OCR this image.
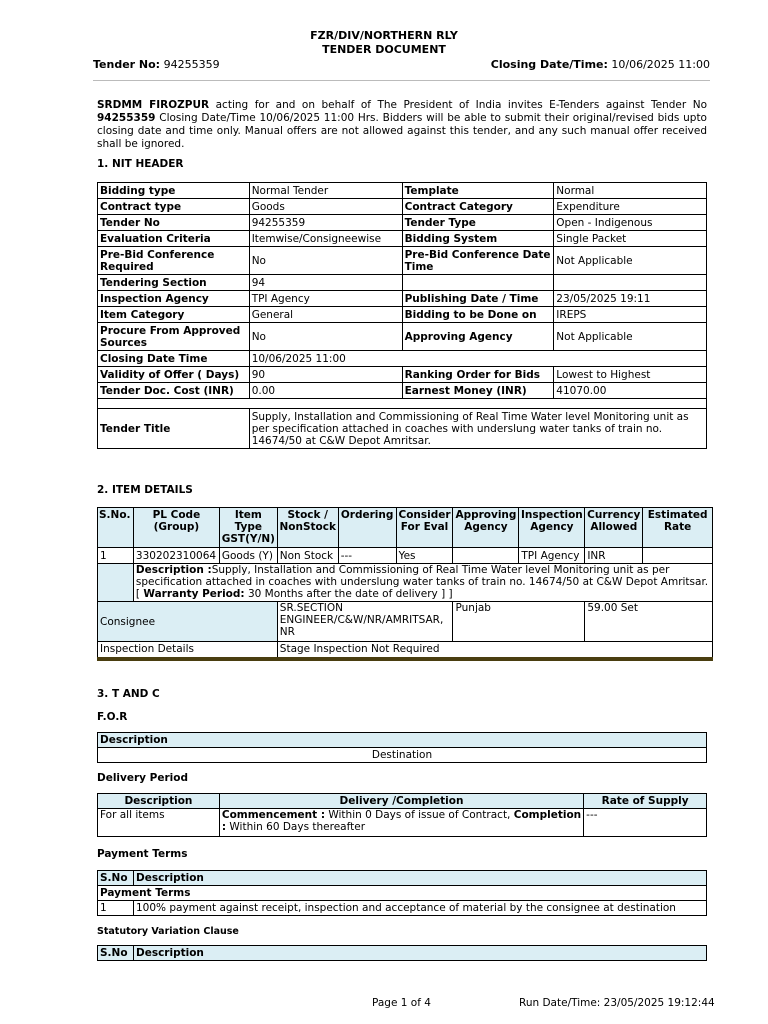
FZR/DIV/NORTHERN RLY
TENDER DOCUMENT
Tender No: 94255359	Closing Date/Time: 10/06/2025 11:00
SRDMM FIROZPUR acting for and on behalf of The President of India invites E-Tenders against Tender No 94255359 Closing Date/Time 10/06/2025 11:00 Hrs. Bidders will be able to submit their original/revised bids upto closing date and time only. Manual offers are not allowed against this tender, and any such manual offer received shall be ignored.
1. NIT HEADER
Bidding type	Normal Tender	Template	Normal
Contract type	Goods	Contract Category	Expenditure
Tender No	94255359	Tender Type	Open - Indigenous
Evaluation Criteria	Itemwise/Consigneewise	Bidding System	Single Packet
Pre-Bid Conference Required	No	Pre-Bid Conference Date Time	Not Applicable
Tendering Section	94		
Inspection Agency	TPI Agency	Publishing Date / Time	23/05/2025 19:11
Item Category	General	Bidding to be Done on	IREPS
Procure From Approved Sources	No	Approving Agency	Not Applicable
Closing Date Time	10/06/2025 11:00		
Validity of Offer ( Days)	90	Ranking Order for Bids	Lowest to Highest
Tender Doc. Cost (INR)	0.00	Earnest Money (INR)	41070.00

Tender Title	Supply, Installation and Commissioning of Real Time Water level Monitoring unit as per specification attached in coaches with underslung water tanks of train no. 14674/50 at C&W Depot Amritsar.		
2. ITEM DETAILS
S.No.	PL Code (Group)	Item Type GST(Y/N)	Stock / NonStock	Ordering	Consider For Eval	Approving Agency	Inspection Agency	Currency Allowed	Estimated Rate
1	330202310064	Goods (Y)	Non Stock	---	Yes		TPI Agency	INR	
	Description :Supply, Installation and Commissioning of Real Time Water level Monitoring unit as per specification attached in coaches with underslung water tanks of train no. 14674/50 at C&W Depot Amritsar. [ Warranty Period: 30 Months after the date of delivery ] ]								
Consignee			SR.SECTION ENGINEER/C&W/NR/AMRITSAR, NR			Punjab		59.00 Set	
Inspection Details			Stage Inspection Not Required						
3. T AND C
F.O.R
Description
Destination
Delivery Period
Description	Delivery /Completion	Rate of Supply
For all items	Commencement : Within 0 Days of issue of Contract, Completion : Within 60 Days thereafter	---
Payment Terms
S.No	Description
Payment Terms	
1	100% payment against receipt, inspection and acceptance of material by the consignee at destination
Statutory Variation Clause
S.No	Description
Page 1 of 4	Run Date/Time: 23/05/2025 19:12:44
